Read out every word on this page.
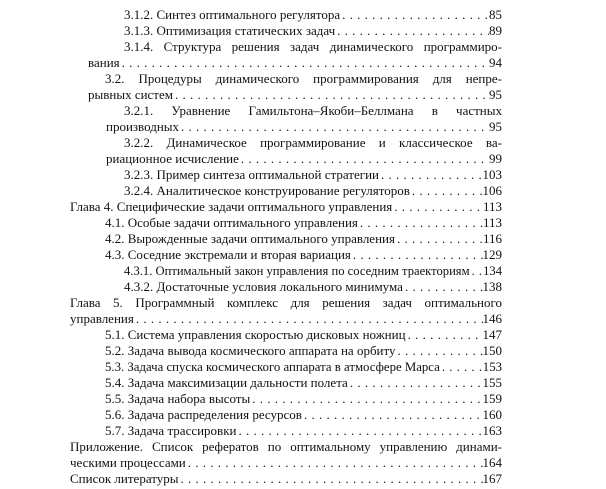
3.1.2. Синтез оптимального регулятора . . .	85
3.1.3. Оптимизация статических задач . . .	89
3.1.4. Структура решения задач динамического программиро-
вания . . .	94
3.2. Процедуры динамического программирования для непре-
рывных систем . . .	95
3.2.1. Уравнение Гамильтона–Якоби–Беллмана в частных
производных . . .	95
3.2.2. Динамическое программирование и классическое ва-
риационное исчисление . . .	99
3.2.3. Пример синтеза оптимальной стратегии . . .	103
3.2.4. Аналитическое конструирование регуляторов . . .	106
Глава 4. Специфические задачи оптимального управления . . .	113
4.1. Особые задачи оптимального управления . . .	113
4.2. Вырожденные задачи оптимального управления . . .	116
4.3. Соседние экстремали и вторая вариация . . .	129
4.3.1. Оптимальный закон управления по соседним траекториям . . . 134
4.3.2. Достаточные условия локального минимума . . .	138
Глава 5. Программный комплекс для решения задач оптимального
управления . . .	146
5.1. Система управления скоростью дисковых ножниц . . .	147
5.2. Задача вывода космического аппарата на орбиту . . .	150
5.3. Задача спуска космического аппарата в атмосфере Марса . . .	153
5.4. Задача максимизации дальности полета . . .	155
5.5. Задача набора высоты . . .	159
5.6. Задача распределения ресурсов . . .	160
5.7. Задача трассировки . . .	163
Приложение. Список рефератов по оптимальному управлению динами-
ческими процессами . . .	164
Список литературы . . .	167
